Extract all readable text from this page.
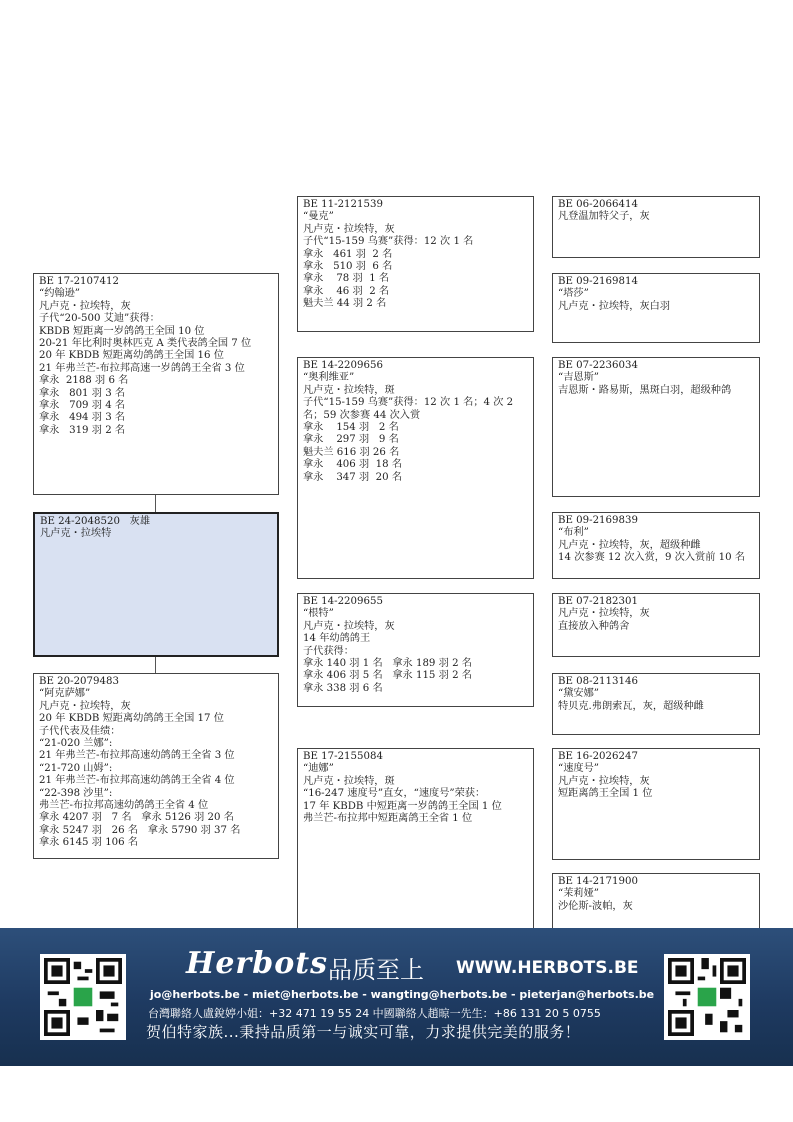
BE 11-2121539
“曼克”
凡卢克・拉埃特，灰
子代“15-159 乌赛”获得：12 次 1 名
拿永   461 羽  2 名
拿永   510 羽  6 名
拿永    78 羽  1 名
拿永    46 羽  2 名
魁夫兰 44 羽 2 名
BE 14-2209656
“奥利维亚”
凡卢克・拉埃特，斑
子代“15-159 乌赛”获得：12 次 1 名；4 次 2 名；59 次参赛 44 次入赏
拿永    154 羽   2 名
拿永    297 羽   9 名
魁夫兰 616 羽 26 名
拿永    406 羽  18 名
拿永    347 羽  20 名
BE 14-2209655
“根特”
凡卢克・拉埃特，灰
14 年幼鸽鸽王
子代获得：
拿永 140 羽 1 名   拿永 189 羽 2 名
拿永 406 羽 5 名   拿永 115 羽 2 名
拿永 338 羽 6 名
BE 17-2155084
“迪娜”
凡卢克・拉埃特，斑
“16-247 速度号”直女，“速度号”荣获：
17 年 KBDB 中短距离一岁鸽鸽王全国 1 位
弗兰芒-布拉邦中短距离鸽王全省 1 位
BE 17-2107412
“约翰逊”
凡卢克・拉埃特，灰
子代“20-500 艾迪”获得：
KBDB 短距离一岁鸽鸽王全国 10 位
20-21 年比利时奥林匹克 A 类代表鸽全国 7 位
20 年 KBDB 短距离幼鸽鸽王全国 16 位
21 年弗兰芒-布拉邦高速一岁鸽鸽王全省 3 位
拿永  2188 羽 6 名
拿永   801 羽 3 名
拿永   709 羽 4 名
拿永   494 羽 3 名
拿永   319 羽 2 名
BE 24-2048520   灰雄
凡卢克・拉埃特
BE 20-2079483
“阿克萨娜”
凡卢克・拉埃特，灰
20 年 KBDB 短距离幼鸽鸽王全国 17 位
子代代表及佳绩：
“21-020 兰娜”:
21 年弗兰芒-布拉邦高速幼鸽鸽王全省 3 位
“21-720 山姆”:
21 年弗兰芒-布拉邦高速幼鸽鸽王全省 4 位
“22-398 沙里”:
弗兰芒-布拉邦高速幼鸽鸽王全省 4 位
拿永 4207 羽   7 名   拿永 5126 羽 20 名
拿永 5247 羽   26 名   拿永 5790 羽 37 名
拿永 6145 羽 106 名
BE 06-2066414
凡登温加特父子，灰
BE 09-2169814
“塔莎”
凡卢克・拉埃特，灰白羽
BE 07-2236034
“吉恩斯”
吉恩斯・路易斯，黑斑白羽，超级种鸽
BE 09-2169839
“布利”
凡卢克・拉埃特，灰，超级种雌
14 次参赛 12 次入赏，9 次入赏前 10 名
BE 07-2182301
凡卢克・拉埃特，灰
直接放入种鸽舍
BE 08-2113146
“黛安娜”
特贝克.弗朗索瓦，灰，超级种雌
BE 16-2026247
“速度号”
凡卢克・拉埃特，灰
短距离鸽王全国 1 位
BE 14-2171900
“茉莉娅”
沙伦斯-波帕，灰
Herbots 品质至上 WWW.HERBOTS.BE
jo@herbots.be - miet@herbots.be - wangting@herbots.be - pieterjan@herbots.be
台灣聯絡人盧銳婷小姐：+32 471 19 55 24 中國聯絡人趙晾一先生：+86 131 20 5 0755
贺伯特家族...秉持品质第一与诚实可靠，力求提供完美的服务！
